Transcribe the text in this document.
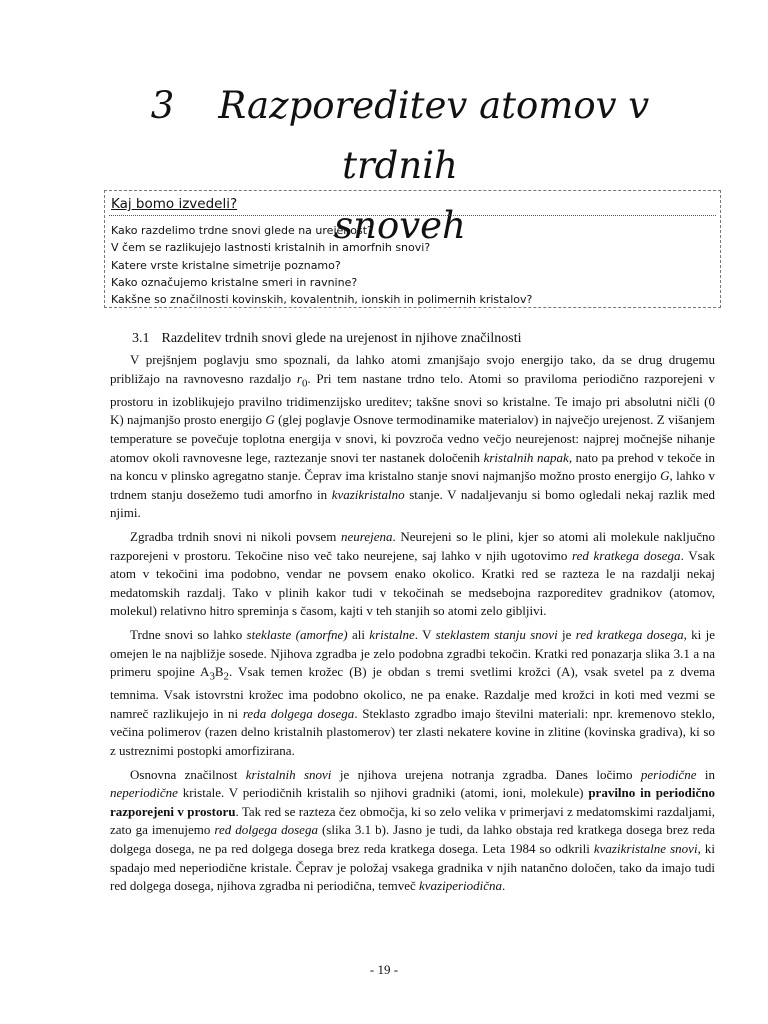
3 Razporeditev atomov v trdnih
snoveh
Kaj bomo izvedeli?
Kako razdelimo trdne snovi glede na urejenost?
V čem se razlikujejo lastnosti kristalnih in amorfnih snovi?
Katere vrste kristalne simetrije poznamo?
Kako označujemo kristalne smeri in ravnine?
Kakšne so značilnosti kovinskih, kovalentnih, ionskih in polimernih kristalov?
3.1 Razdelitev trdnih snovi glede na urejenost in njihove značilnosti

V prejšnjem poglavju smo spoznali, da lahko atomi zmanjšajo svojo energijo tako, da se drug drugemu približajo na ravnovesno razdaljo $r_0$. Pri tem nastane trdno telo. Atomi so praviloma periodično razporejeni v prostoru in izoblikujejo pravilno tridimenzijsko ureditev; takšne snovi so kristalne. Te imajo pri absolutni ničli (0 K) najmanjšo prosto energijo G (glej poglavje Osnove termodinamike materialov) in največjo urejenost. Z višanjem temperature se povečuje toplotna energija v snovi, ki povzroča vedno večjo neurejenost: najprej močnejše nihanje atomov okoli ravnovesne lege, raztezanje snovi ter nastanek določenih kristalnih napak, nato pa prehod v tekoče in na koncu v plinsko agregatno stanje. Čeprav ima kristalno stanje snovi najmanjšo možno prosto energijo G, lahko v trdnem stanju dosežemo tudi amorfno in kvazikristalno stanje. V nadaljevanju si bomo ogledali nekaj razlik med njimi.

Zgradba trdnih snovi ni nikoli povsem neurejena. Neurejeni so le plini, kjer so atomi ali molekule naključno razporejeni v prostoru. Tekočine niso več tako neurejene, saj lahko v njih ugotovimo red kratkega dosega. Vsak atom v tekočini ima podobno, vendar ne povsem enako okolico. Kratki red se razteza le na razdalji nekaj medatomskih razdalj. Tako v plinih kakor tudi v tekočinah se medsebojna razporeditev gradnikov (atomov, molekul) relativno hitro spreminja s časom, kajti v teh stanjih so atomi zelo gibljivi.

Trdne snovi so lahko steklaste (amorfne) ali kristalne. V steklastem stanju snovi je red kratkega dosega, ki je omejen le na najbližje sosede. Njihova zgradba je zelo podobna zgradbi tekočin. Kratki red ponazarja slika 3.1 a na primeru spojine $A_3B_2$. Vsak temen krožec (B) je obdan s tremi svetlimi krožci (A), vsak svetel pa z dvema temnima. Vsak istovrstni krožec ima podobno okolico, ne pa enake. Razdalje med krožci in koti med vezmi se namreč razlikujejo in ni reda dolgega dosega. Steklasto zgradbo imajo številni materiali: npr. kremenovo steklo, večina polimerov (razen delno kristalnih plastomerov) ter zlasti nekatere kovine in zlitine (kovinska gradiva), ki so z ustreznimi postopki amorfizirana.

Osnovna značilnost kristalnih snovi je njihova urejena notranja zgradba. Danes ločimo periodične in neperiodične kristale. V periodičnih kristalih so njihovi gradniki (atomi, ioni, molekule) pravilno in periodično razporejeni v prostoru. Tak red se razteza čez območja, ki so zelo velika v primerjavi z medatomskimi razdaljami, zato ga imenujemo red dolgega dosega (slika 3.1 b). Jasno je tudi, da lahko obstaja red kratkega dosega brez reda dolgega dosega, ne pa red dolgega dosega brez reda kratkega dosega. Leta 1984 so odkrili kvazikristalne snovi, ki spadajo med neperiodične kristale. Čeprav je položaj vsakega gradnika v njih natančno določen, tako da imajo tudi red dolgega dosega, njihova zgradba ni periodična, temveč kvaziperiodična.

- 19 -
